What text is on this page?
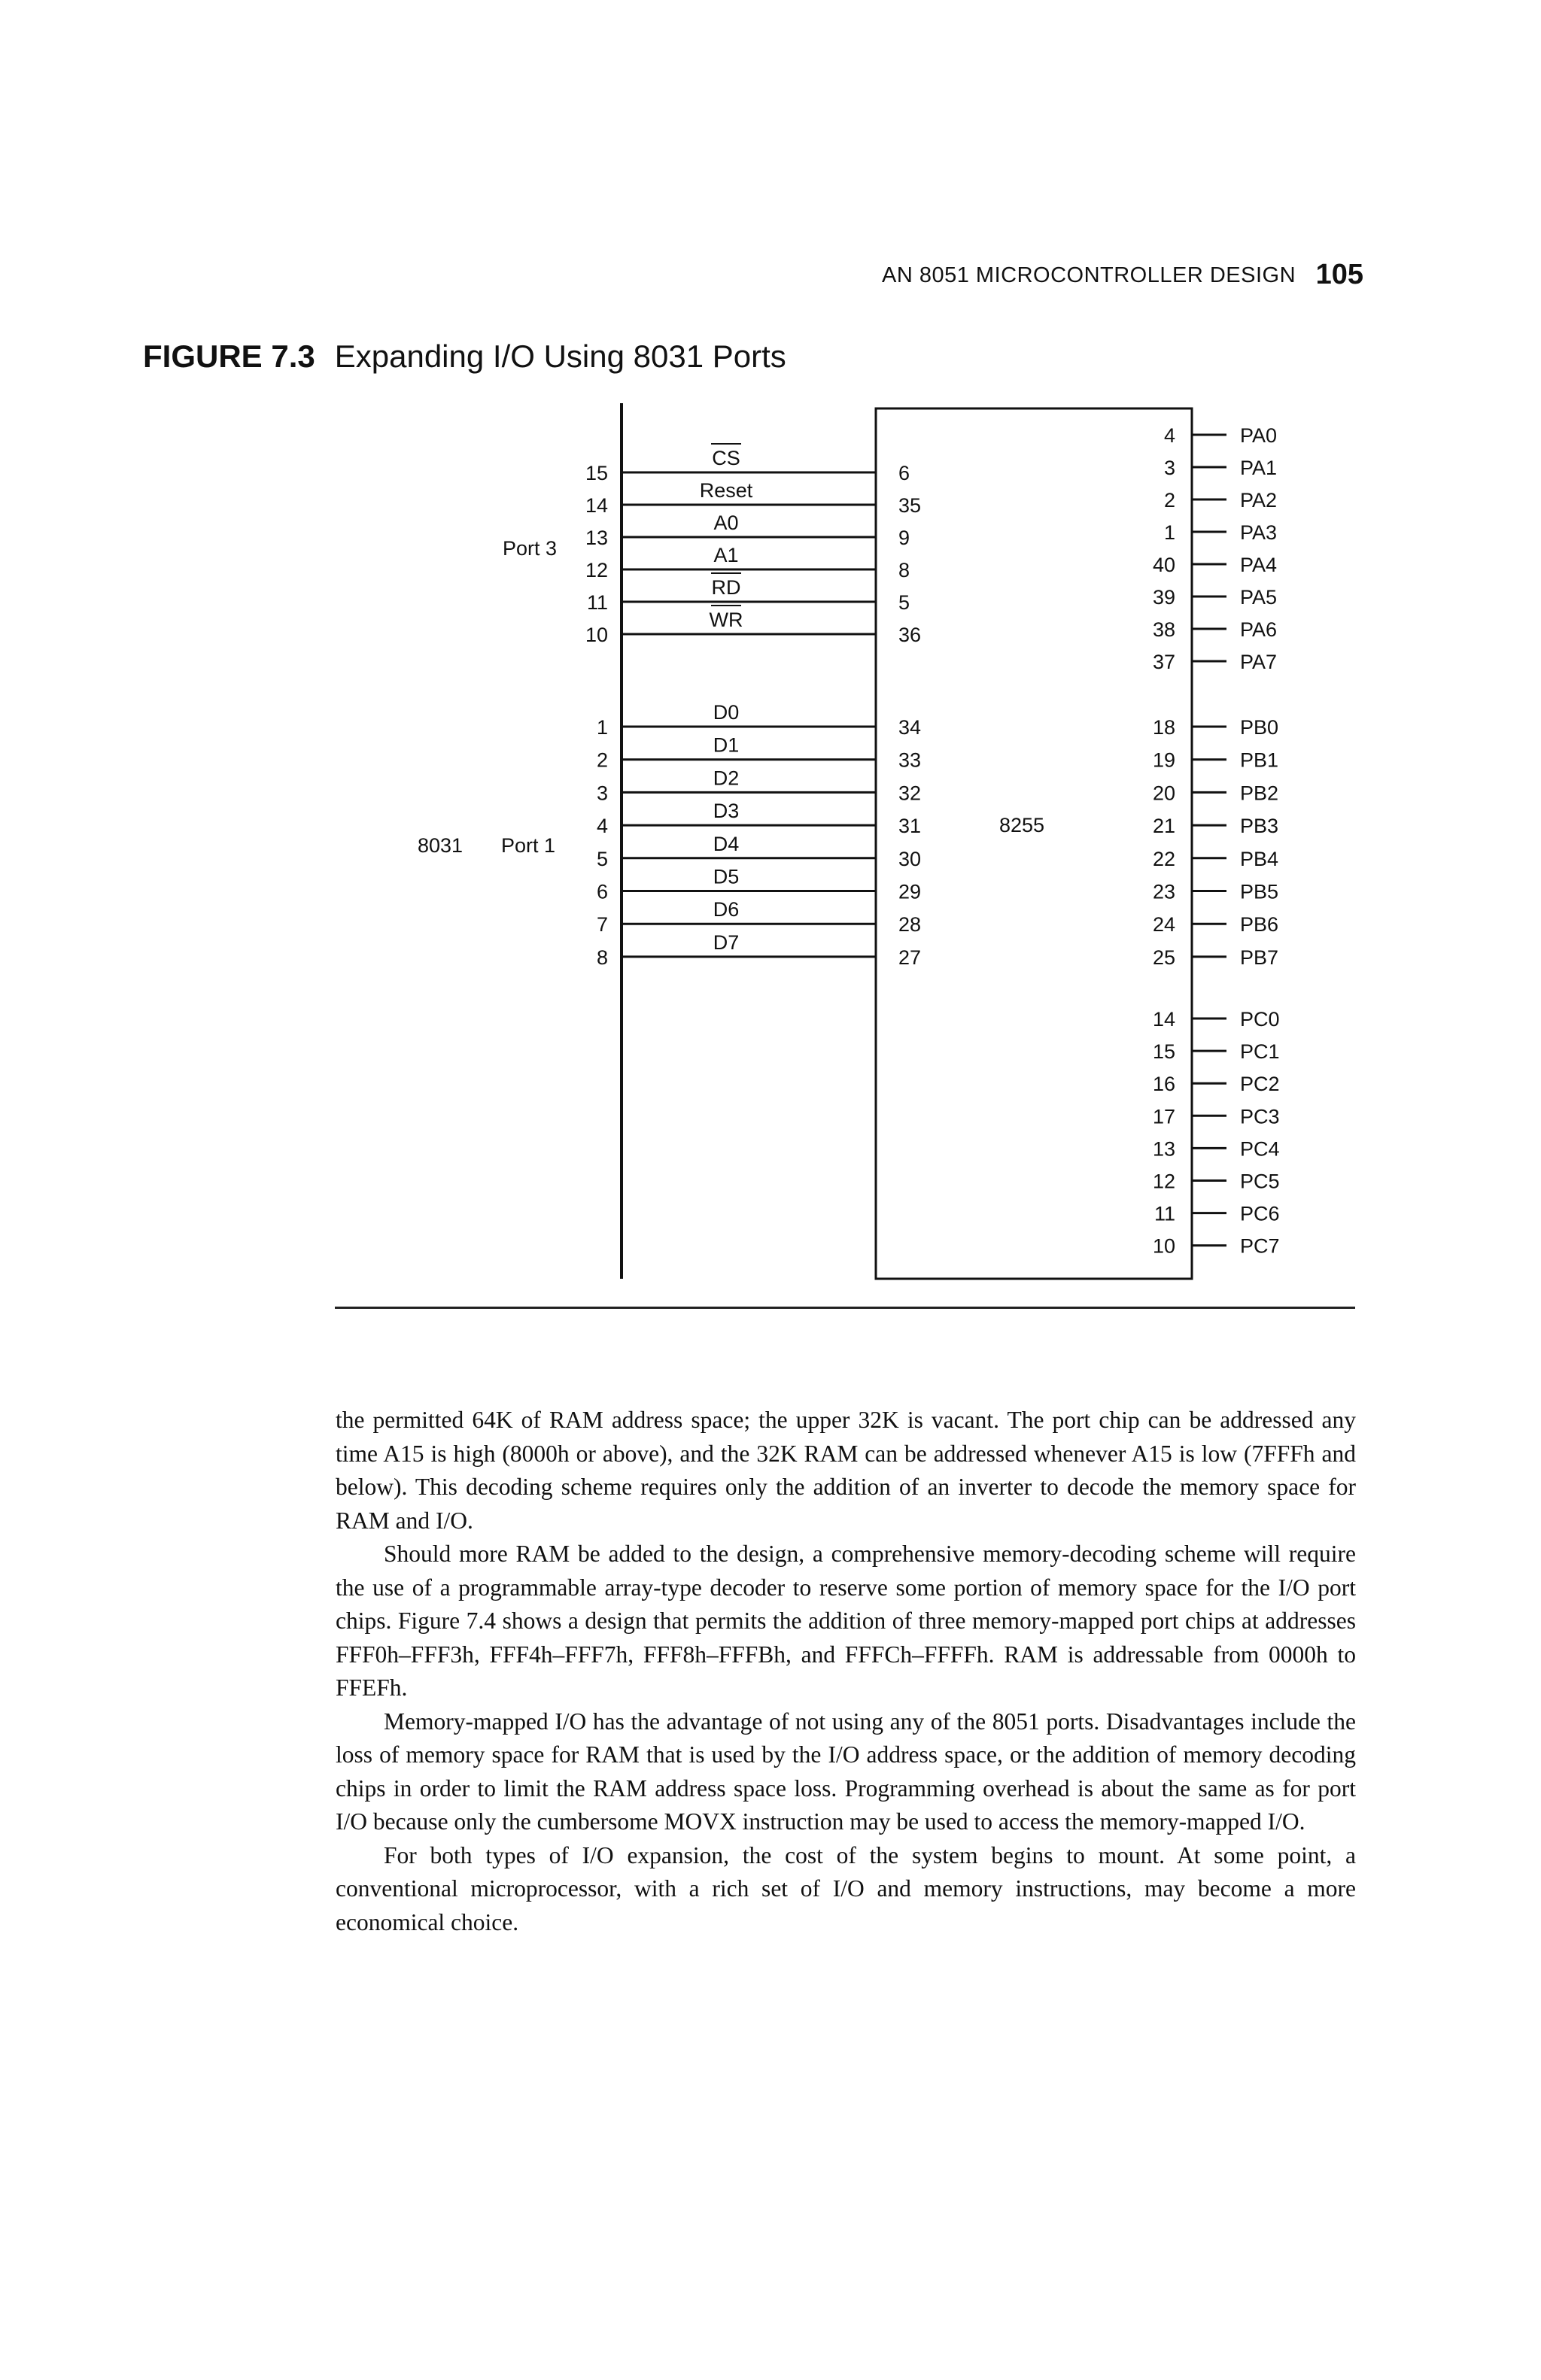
AN 8051 MICROCONTROLLER DESIGN 105
FIGURE 7.3 Expanding I/O Using 8031 Ports
8031
8255
Port 3
Port 1
15
CS
6
14
Reset
35
13
A0
9
12
A1
8
11
RD
5
10
WR
36
1
D0
34
2
D1
33
3
D2
32
4
D3
31
5
D4
30
6
D5
29
7
D6
28
8
D7
27
4	PA0
3	PA1
2	PA2
1	PA3
40	PA4
39	PA5
38	PA6
37	PA7
18	PB0
19	PB1
20	PB2
21	PB3
22	PB4
23	PB5
24	PB6
25	PB7
14	PC0
15	PC1
16	PC2
17	PC3
13	PC4
12	PC5
11	PC6
10	PC7

the permitted 64K of RAM address space; the upper 32K is vacant. The port chip can be addressed any time A15 is high (8000h or above), and the 32K RAM can be addressed whenever A15 is low (7FFFh and below). This decoding scheme requires only the addition of an inverter to decode the memory space for RAM and I/O.

Should more RAM be added to the design, a comprehensive memory-decoding scheme will require the use of a programmable array-type decoder to reserve some portion of memory space for the I/O port chips. Figure 7.4 shows a design that permits the addition of three memory-mapped port chips at addresses FFF0h–FFF3h, FFF4h–FFF7h, FFF8h–FFFBh, and FFFCh–FFFFh. RAM is addressable from 0000h to FFEFh.

Memory-mapped I/O has the advantage of not using any of the 8051 ports. Disadvantages include the loss of memory space for RAM that is used by the I/O address space, or the addition of memory decoding chips in order to limit the RAM address space loss. Programming overhead is about the same as for port I/O because only the cumbersome MOVX instruction may be used to access the memory-mapped I/O.

For both types of I/O expansion, the cost of the system begins to mount. At some point, a conventional microprocessor, with a rich set of I/O and memory instructions, may become a more economical choice.
